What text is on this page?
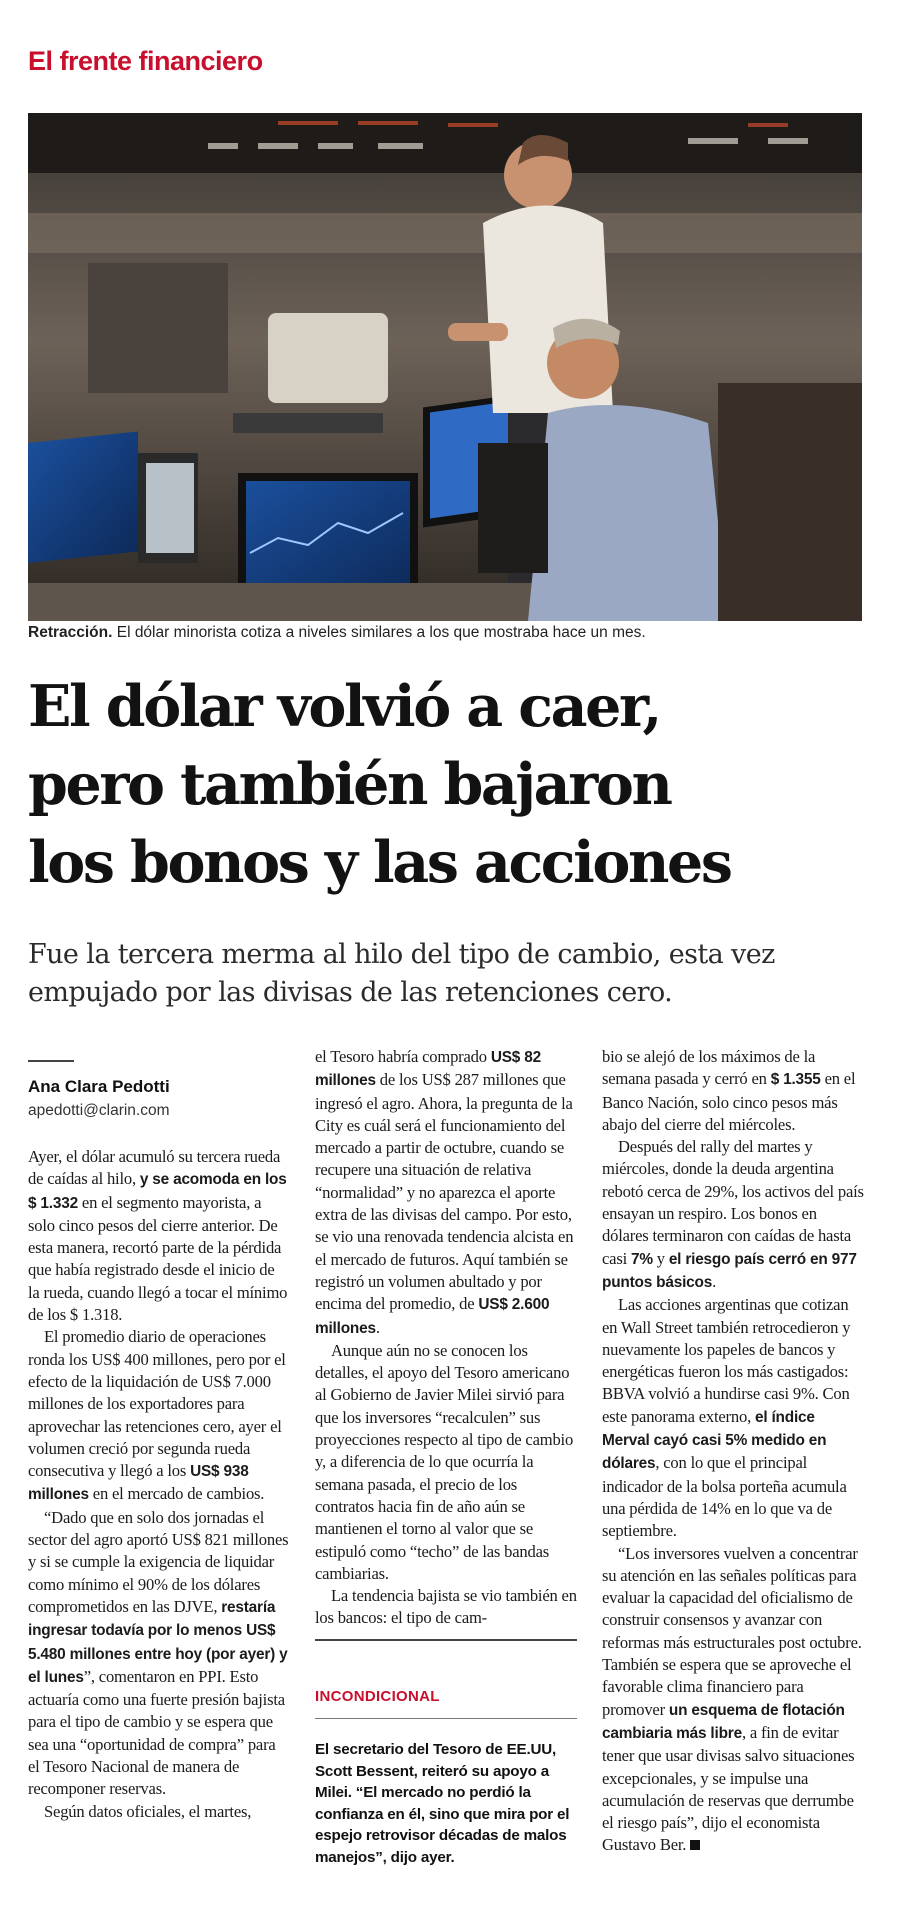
El frente financiero
Retracción. El dólar minorista cotiza a niveles similares a los que mostraba hace un mes.
El dólar volvió a caer,
pero también bajaron
los bonos y las acciones
Fue la tercera merma al hilo del tipo de cambio, esta vez
empujado por las divisas de las retenciones cero.
Ana Clara Pedotti
apedotti@clarin.com

Ayer, el dólar acumuló su tercera rueda de caídas al hilo, y se acomoda en los $ 1.332 en el segmento mayorista, a solo cinco pesos del cierre anterior. De esta manera, recortó parte de la pérdida que había registrado desde el inicio de la rueda, cuando llegó a tocar el mínimo de los $ 1.318.

El promedio diario de operaciones ronda los US$ 400 millones, pero por el efecto de la liquidación de US$ 7.000 millones de los exportadores para aprovechar las retenciones cero, ayer el volumen creció por segunda rueda consecutiva y llegó a los US$ 938 millones en el mercado de cambios.

“Dado que en solo dos jornadas el sector del agro aportó US$ 821 millones y si se cumple la exigencia de liquidar como mínimo el 90% de los dólares comprometidos en las DJVE, restaría ingresar todavía por lo menos US$ 5.480 millones entre hoy (por ayer) y el lunes”, comentaron en PPI. Esto actuaría como una fuerte presión bajista para el tipo de cambio y se espera que sea una “oportunidad de compra” para el Tesoro Nacional de manera de recomponer reservas.

Según datos oficiales, el martes,

el Tesoro habría comprado US$ 82 millones de los US$ 287 millones que ingresó el agro. Ahora, la pregunta de la City es cuál será el funcionamiento del mercado a partir de octubre, cuando se recupere una situación de relativa “normalidad” y no aparezca el aporte extra de las divisas del campo. Por esto, se vio una renovada tendencia alcista en el mercado de futuros. Aquí también se registró un volumen abultado y por encima del promedio, de US$ 2.600 millones.

Aunque aún no se conocen los detalles, el apoyo del Tesoro americano al Gobierno de Javier Milei sirvió para que los inversores “recalculen” sus proyecciones respecto al tipo de cambio y, a diferencia de lo que ocurría la semana pasada, el precio de los contratos hacia fin de año aún se mantienen el torno al valor que se estipuló como “techo” de las bandas cambiarias.

La tendencia bajista se vio también en los bancos: el tipo de cam-

INCONDICIONAL

El secretario del Tesoro de EE.UU, Scott Bessent, reiteró su apoyo a Milei. “El mercado no perdió la confianza en él, sino que mira por el espejo retrovisor décadas de malos manejos”, dijo ayer.

bio se alejó de los máximos de la semana pasada y cerró en $ 1.355 en el Banco Nación, solo cinco pesos más abajo del cierre del miércoles.

Después del rally del martes y miércoles, donde la deuda argentina rebotó cerca de 29%, los activos del país ensayan un respiro. Los bonos en dólares terminaron con caídas de hasta casi 7% y el riesgo país cerró en 977 puntos básicos.

Las acciones argentinas que cotizan en Wall Street también retrocedieron y nuevamente los papeles de bancos y energéticas fueron los más castigados: BBVA volvió a hundirse casi 9%. Con este panorama externo, el índice Merval cayó casi 5% medido en dólares, con lo que el principal indicador de la bolsa porteña acumula una pérdida de 14% en lo que va de septiembre.

“Los inversores vuelven a concentrar su atención en las señales políticas para evaluar la capacidad del oficialismo de construir consensos y avanzar con reformas más estructurales post octubre. También se espera que se aproveche el favorable clima financiero para promover un esquema de flotación cambiaria más libre, a fin de evitar tener que usar divisas salvo situaciones excepcionales, y se impulse una acumulación de reservas que derrumbe el riesgo país”, dijo el economista Gustavo Ber.
